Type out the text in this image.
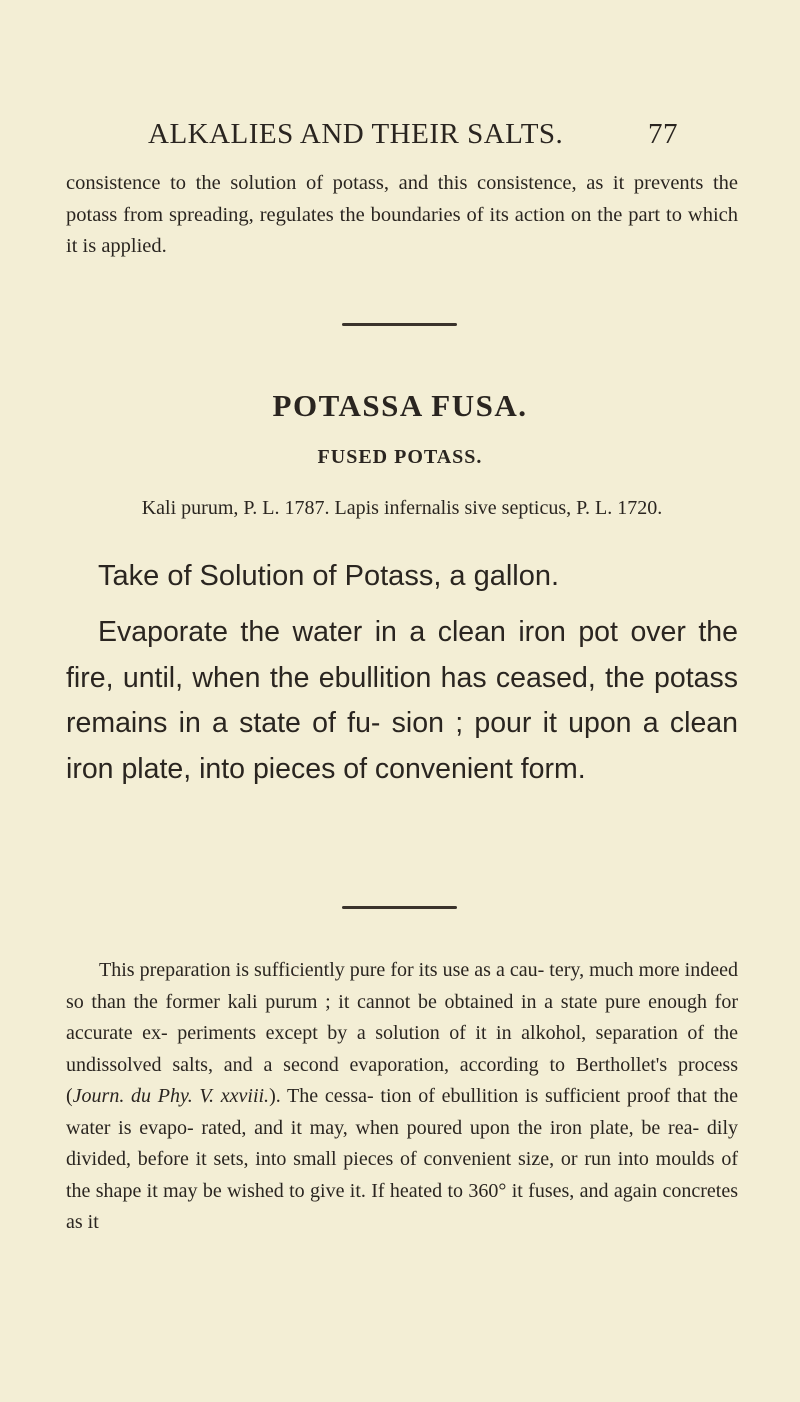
ALKALIES AND THEIR SALTS.	77

consistence to the solution of potass, and this consistence, as it prevents the potass from spreading, regulates the boundaries of its action on the part to which it is applied.

POTASSA FUSA.
FUSED POTASS.

Kali purum, P. L. 1787. Lapis infernalis sive septicus, P. L. 1720.

Take of Solution of Potass, a gallon.

Evaporate the water in a clean iron pot over the fire, until, when the ebullition has ceased, the potass remains in a state of fu- sion ; pour it upon a clean iron plate, into pieces of convenient form.

This preparation is sufficiently pure for its use as a cau- tery, much more indeed so than the former kali purum ; it cannot be obtained in a state pure enough for accurate ex- periments except by a solution of it in alkohol, separation of the undissolved salts, and a second evaporation, according to Berthollet's process (Journ. du Phy. V. xxviii.). The cessa- tion of ebullition is sufficient proof that the water is evapo- rated, and it may, when poured upon the iron plate, be rea- dily divided, before it sets, into small pieces of convenient size, or run into moulds of the shape it may be wished to give it. If heated to 360° it fuses, and again concretes as it
